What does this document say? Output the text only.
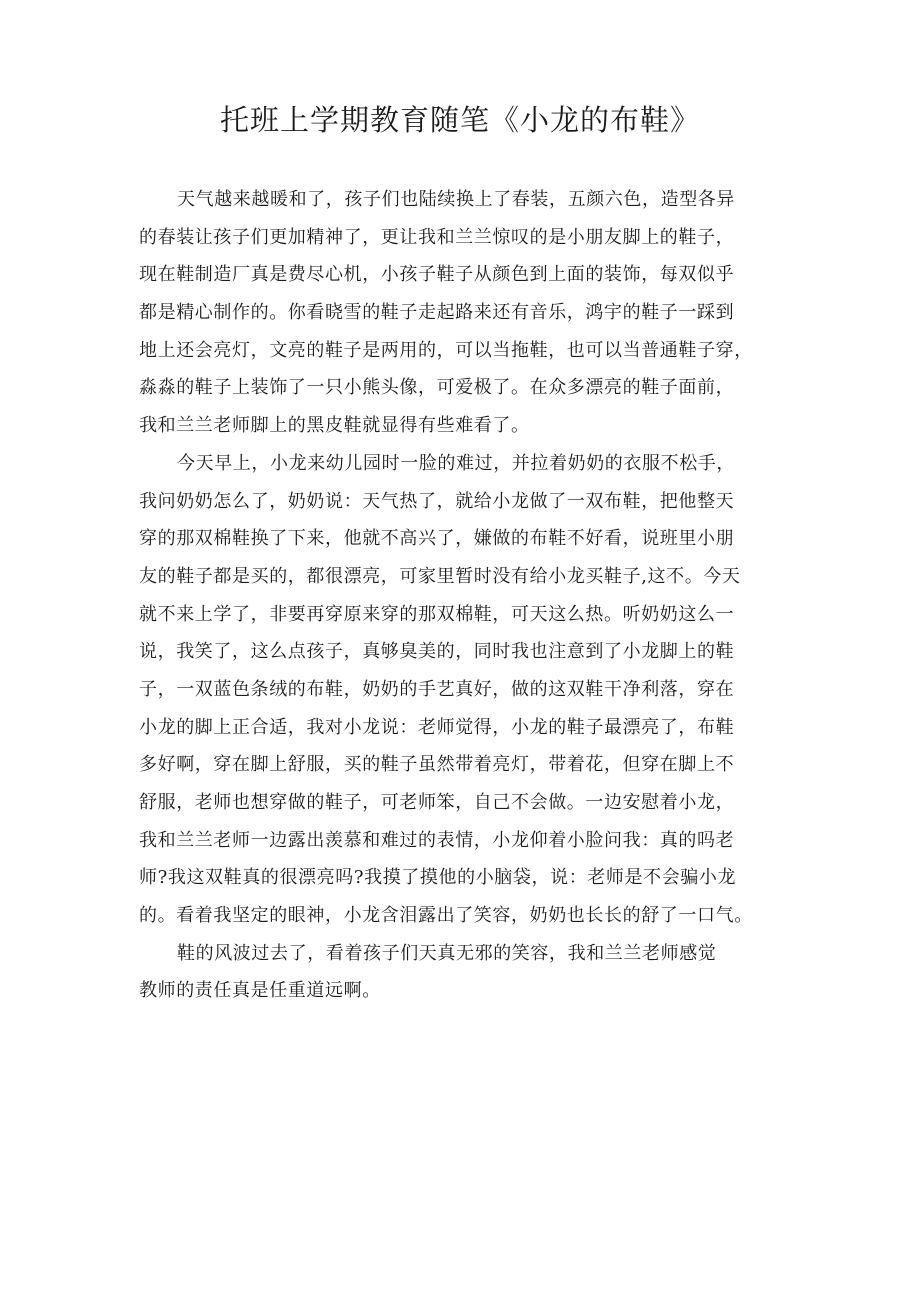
托班上学期教育随笔《小龙的布鞋》

天气越来越暖和了，孩子们也陆续换上了春装，五颜六色，造型各异
的春装让孩子们更加精神了，更让我和兰兰惊叹的是小朋友脚上的鞋子，
现在鞋制造厂真是费尽心机，小孩子鞋子从颜色到上面的装饰，每双似乎
都是精心制作的。你看晓雪的鞋子走起路来还有音乐，鸿宇的鞋子一踩到
地上还会亮灯，文亮的鞋子是两用的，可以当拖鞋，也可以当普通鞋子穿，
淼淼的鞋子上装饰了一只小熊头像，可爱极了。在众多漂亮的鞋子面前，
我和兰兰老师脚上的黑皮鞋就显得有些难看了。

今天早上，小龙来幼儿园时一脸的难过，并拉着奶奶的衣服不松手，
我问奶奶怎么了，奶奶说：天气热了，就给小龙做了一双布鞋，把他整天
穿的那双棉鞋换了下来，他就不高兴了，嫌做的布鞋不好看，说班里小朋
友的鞋子都是买的，都很漂亮，可家里暂时没有给小龙买鞋子,这不。今天
就不来上学了，非要再穿原来穿的那双棉鞋，可天这么热。听奶奶这么一
说，我笑了，这么点孩子，真够臭美的，同时我也注意到了小龙脚上的鞋
子，一双蓝色条绒的布鞋，奶奶的手艺真好，做的这双鞋干净利落，穿在
小龙的脚上正合适，我对小龙说：老师觉得，小龙的鞋子最漂亮了，布鞋
多好啊，穿在脚上舒服，买的鞋子虽然带着亮灯，带着花，但穿在脚上不
舒服，老师也想穿做的鞋子，可老师笨，自己不会做。一边安慰着小龙，
我和兰兰老师一边露出羡慕和难过的表情，小龙仰着小脸问我：真的吗老
师?我这双鞋真的很漂亮吗?我摸了摸他的小脑袋，说：老师是不会骗小龙
的。看着我坚定的眼神，小龙含泪露出了笑容，奶奶也长长的舒了一口气。

鞋的风波过去了，看着孩子们天真无邪的笑容，我和兰兰老师感觉
教师的责任真是任重道远啊。
